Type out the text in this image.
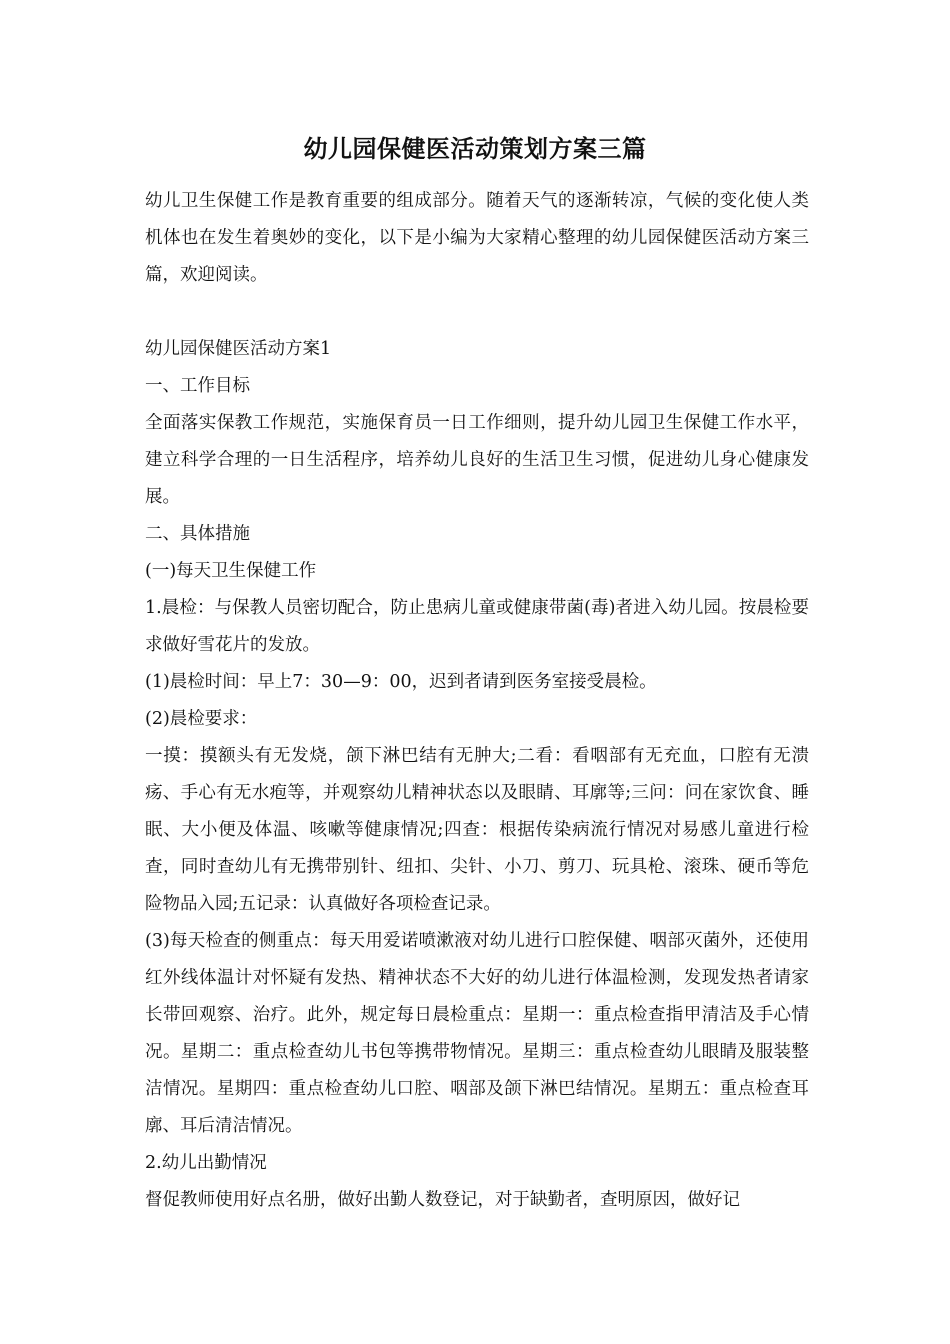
幼儿园保健医活动策划方案三篇

幼儿卫生保健工作是教育重要的组成部分。随着天气的逐渐转凉，气候的变化使人类机体也在发生着奥妙的变化，以下是小编为大家精心整理的幼儿园保健医活动方案三篇，欢迎阅读。

幼儿园保健医活动方案1

一、工作目标

全面落实保教工作规范，实施保育员一日工作细则，提升幼儿园卫生保健工作水平，建立科学合理的一日生活程序，培养幼儿良好的生活卫生习惯，促进幼儿身心健康发展。

二、具体措施

(一)每天卫生保健工作

1.晨检：与保教人员密切配合，防止患病儿童或健康带菌(毒)者进入幼儿园。按晨检要求做好雪花片的发放。

(1)晨检时间：早上7：30—9：00，迟到者请到医务室接受晨检。

(2)晨检要求：

一摸：摸额头有无发烧，颌下淋巴结有无肿大;二看：看咽部有无充血，口腔有无溃疡、手心有无水疱等，并观察幼儿精神状态以及眼睛、耳廓等;三问：问在家饮食、睡眠、大小便及体温、咳嗽等健康情况;四查：根据传染病流行情况对易感儿童进行检查，同时查幼儿有无携带别针、纽扣、尖针、小刀、剪刀、玩具枪、滚珠、硬币等危险物品入园;五记录：认真做好各项检查记录。

(3)每天检查的侧重点：每天用爱诺喷漱液对幼儿进行口腔保健、咽部灭菌外，还使用红外线体温计对怀疑有发热、精神状态不大好的幼儿进行体温检测，发现发热者请家长带回观察、治疗。此外，规定每日晨检重点：星期一：重点检查指甲清洁及手心情况。星期二：重点检查幼儿书包等携带物情况。星期三：重点检查幼儿眼睛及服装整洁情况。星期四：重点检查幼儿口腔、咽部及颌下淋巴结情况。星期五：重点检查耳廓、耳后清洁情况。

2.幼儿出勤情况

督促教师使用好点名册，做好出勤人数登记，对于缺勤者，查明原因，做好记
